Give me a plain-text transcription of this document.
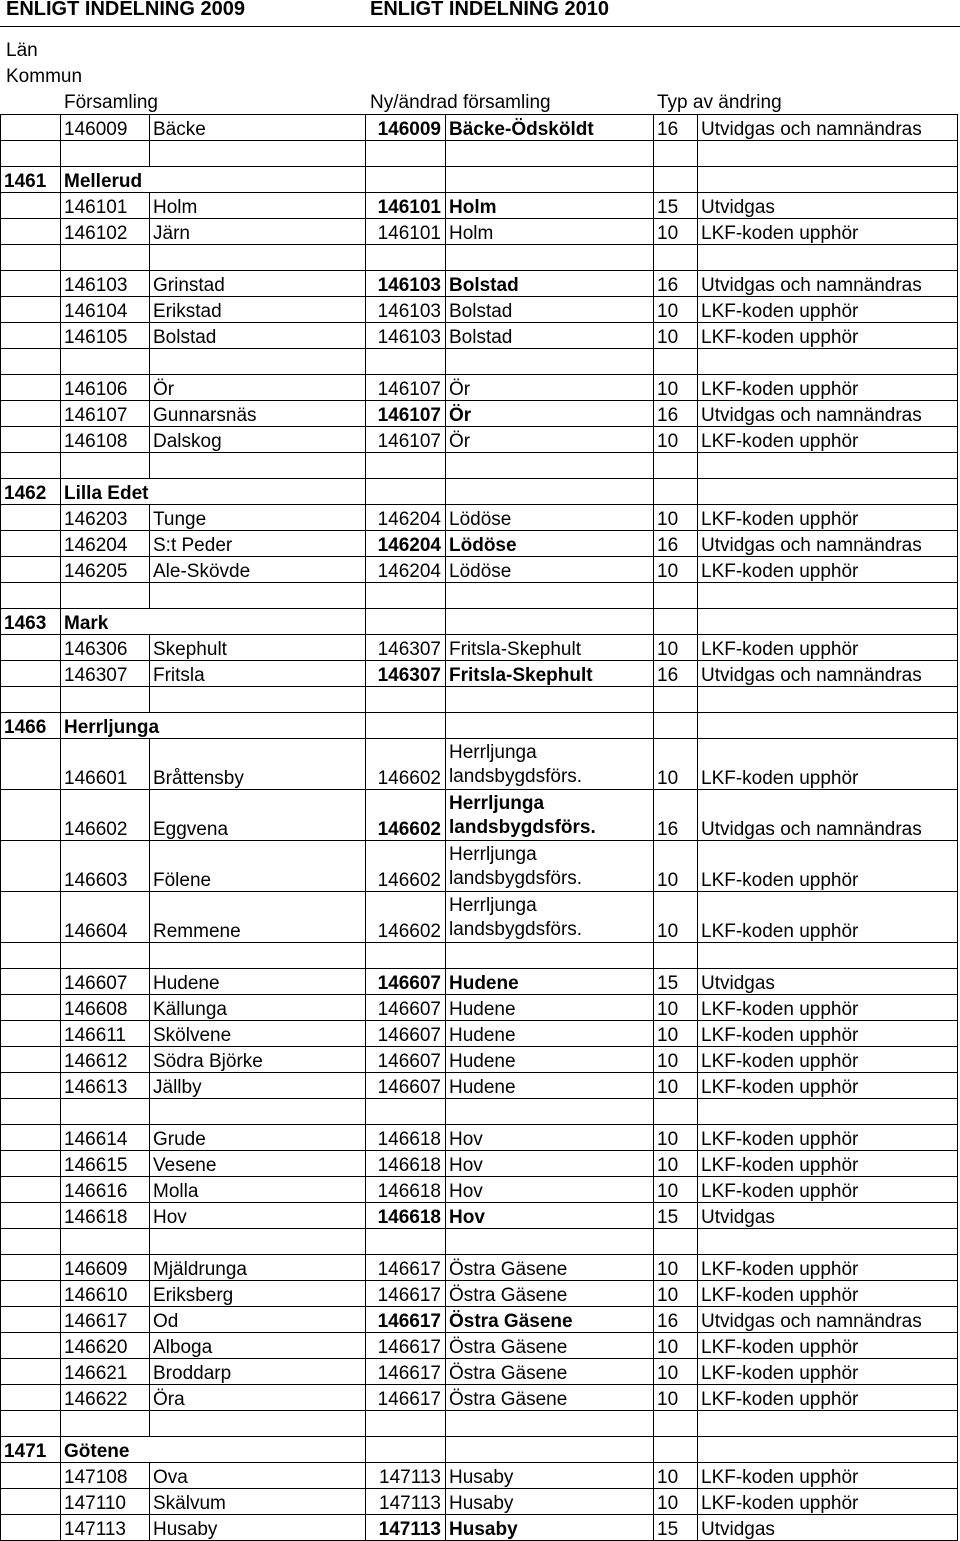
ENLIGT INDELNING 2009	ENLIGT INDELNING 2010
Län
Kommun
Församling	Ny/ändrad församling	Typ av ändring
	146009	Bäcke	146009	Bäcke-Ödsköldt	16	Utvidgas och namnändras

1461	Mellerud					
	146101	Holm	146101	Holm	15	Utvidgas
	146102	Järn	146101	Holm	10	LKF-koden upphör

	146103	Grinstad	146103	Bolstad	16	Utvidgas och namnändras
	146104	Erikstad	146103	Bolstad	10	LKF-koden upphör
	146105	Bolstad	146103	Bolstad	10	LKF-koden upphör

	146106	Ör	146107	Ör	10	LKF-koden upphör
	146107	Gunnarsnäs	146107	Ör	16	Utvidgas och namnändras
	146108	Dalskog	146107	Ör	10	LKF-koden upphör

1462	Lilla Edet					
	146203	Tunge	146204	Lödöse	10	LKF-koden upphör
	146204	S:t Peder	146204	Lödöse	16	Utvidgas och namnändras
	146205	Ale-Skövde	146204	Lödöse	10	LKF-koden upphör

1463	Mark					
	146306	Skephult	146307	Fritsla-Skephult	10	LKF-koden upphör
	146307	Fritsla	146307	Fritsla-Skephult	16	Utvidgas och namnändras

1466	Herrljunga					
	146601	Bråttensby	146602	Herrljunga landsbygdsförs.	10	LKF-koden upphör
	146602	Eggvena	146602	Herrljunga landsbygdsförs.	16	Utvidgas och namnändras
	146603	Fölene	146602	Herrljunga landsbygdsförs.	10	LKF-koden upphör
	146604	Remmene	146602	Herrljunga landsbygdsförs.	10	LKF-koden upphör

	146607	Hudene	146607	Hudene	15	Utvidgas
	146608	Källunga	146607	Hudene	10	LKF-koden upphör
	146611	Skölvene	146607	Hudene	10	LKF-koden upphör
	146612	Södra Björke	146607	Hudene	10	LKF-koden upphör
	146613	Jällby	146607	Hudene	10	LKF-koden upphör

	146614	Grude	146618	Hov	10	LKF-koden upphör
	146615	Vesene	146618	Hov	10	LKF-koden upphör
	146616	Molla	146618	Hov	10	LKF-koden upphör
	146618	Hov	146618	Hov	15	Utvidgas

	146609	Mjäldrunga	146617	Östra Gäsene	10	LKF-koden upphör
	146610	Eriksberg	146617	Östra Gäsene	10	LKF-koden upphör
	146617	Od	146617	Östra Gäsene	16	Utvidgas och namnändras
	146620	Alboga	146617	Östra Gäsene	10	LKF-koden upphör
	146621	Broddarp	146617	Östra Gäsene	10	LKF-koden upphör
	146622	Öra	146617	Östra Gäsene	10	LKF-koden upphör

1471	Götene					
	147108	Ova	147113	Husaby	10	LKF-koden upphör
	147110	Skälvum	147113	Husaby	10	LKF-koden upphör
	147113	Husaby	147113	Husaby	15	Utvidgas
